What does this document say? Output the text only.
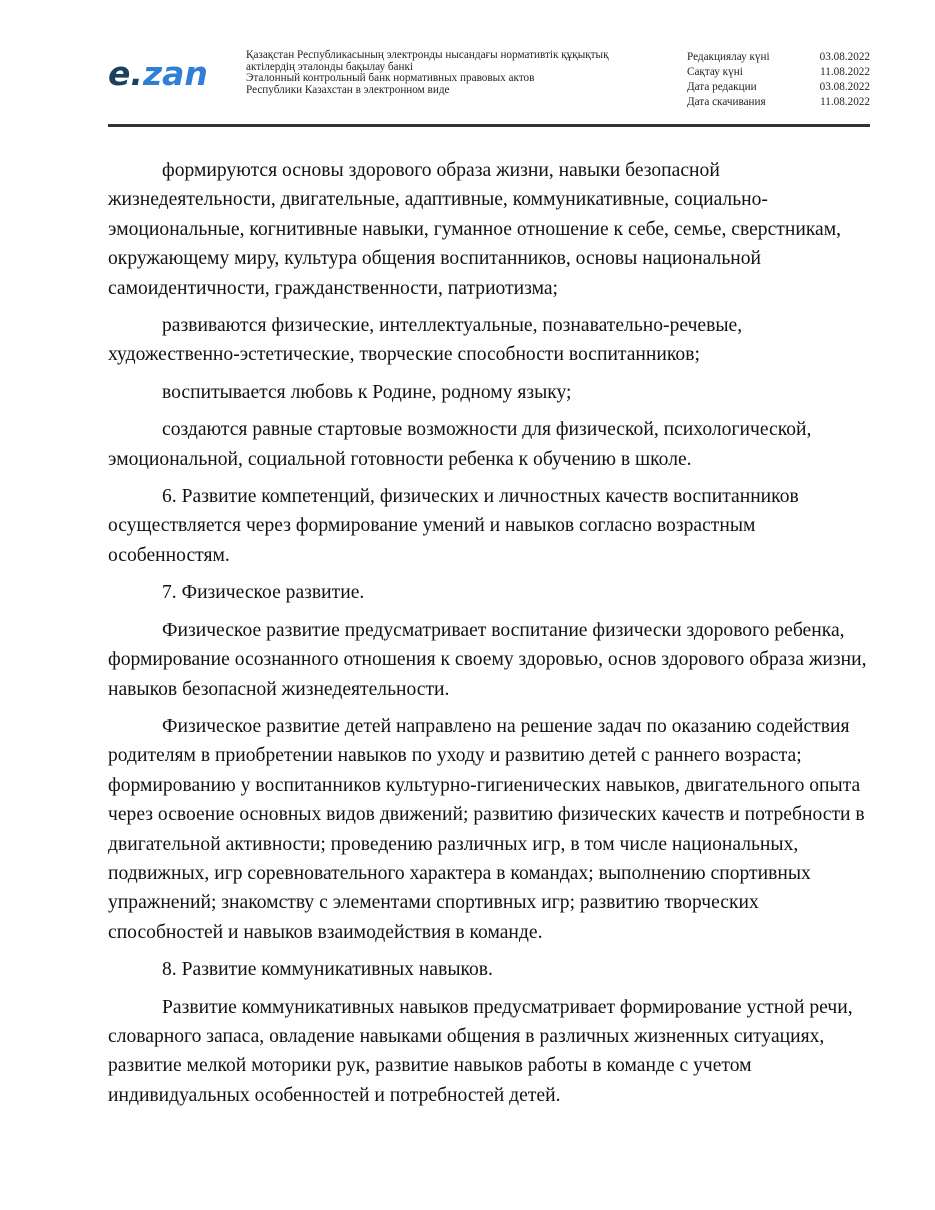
e.zan	Қазақстан Республикасының электронды нысандағы нормативтік құқықтық
актілердің эталонды бақылау банкі
Эталонный контрольный банк нормативных правовых актов
Республики Казахстан в электронном виде
Редакциялау күні	03.08.2022
Сақтау күні	11.08.2022
Дата редакции	03.08.2022
Дата скачивания	11.08.2022

формируются основы здорового образа жизни, навыки безопасной жизнедеятельности, двигательные, адаптивные, коммуникативные, социально-эмоциональные, когнитивные навыки, гуманное отношение к себе, семье, сверстникам, окружающему миру, культура общения воспитанников, основы национальной самоидентичности, гражданственности, патриотизма;

развиваются физические, интеллектуальные, познавательно-речевые, художественно-эстетические, творческие способности воспитанников;

воспитывается любовь к Родине, родному языку;

создаются равные стартовые возможности для физической, психологической, эмоциональной, социальной готовности ребенка к обучению в школе.

6. Развитие компетенций, физических и личностных качеств воспитанников осуществляется через формирование умений и навыков согласно возрастным особенностям.

7. Физическое развитие.

Физическое развитие предусматривает воспитание физически здорового ребенка, формирование осознанного отношения к своему здоровью, основ здорового образа жизни, навыков безопасной жизнедеятельности.

Физическое развитие детей направлено на решение задач по оказанию содействия родителям в приобретении навыков по уходу и развитию детей с раннего возраста; формированию у воспитанников культурно-гигиенических навыков, двигательного опыта через освоение основных видов движений; развитию физических качеств и потребности в двигательной активности; проведению различных игр, в том числе национальных, подвижных, игр соревновательного характера в командах; выполнению спортивных упражнений; знакомству с элементами спортивных игр; развитию творческих способностей и навыков взаимодействия в команде.

8. Развитие коммуникативных навыков.

Развитие коммуникативных навыков предусматривает формирование устной речи, словарного запаса, овладение навыками общения в различных жизненных ситуациях, развитие мелкой моторики рук, развитие навыков работы в команде с учетом индивидуальных особенностей и потребностей детей.
